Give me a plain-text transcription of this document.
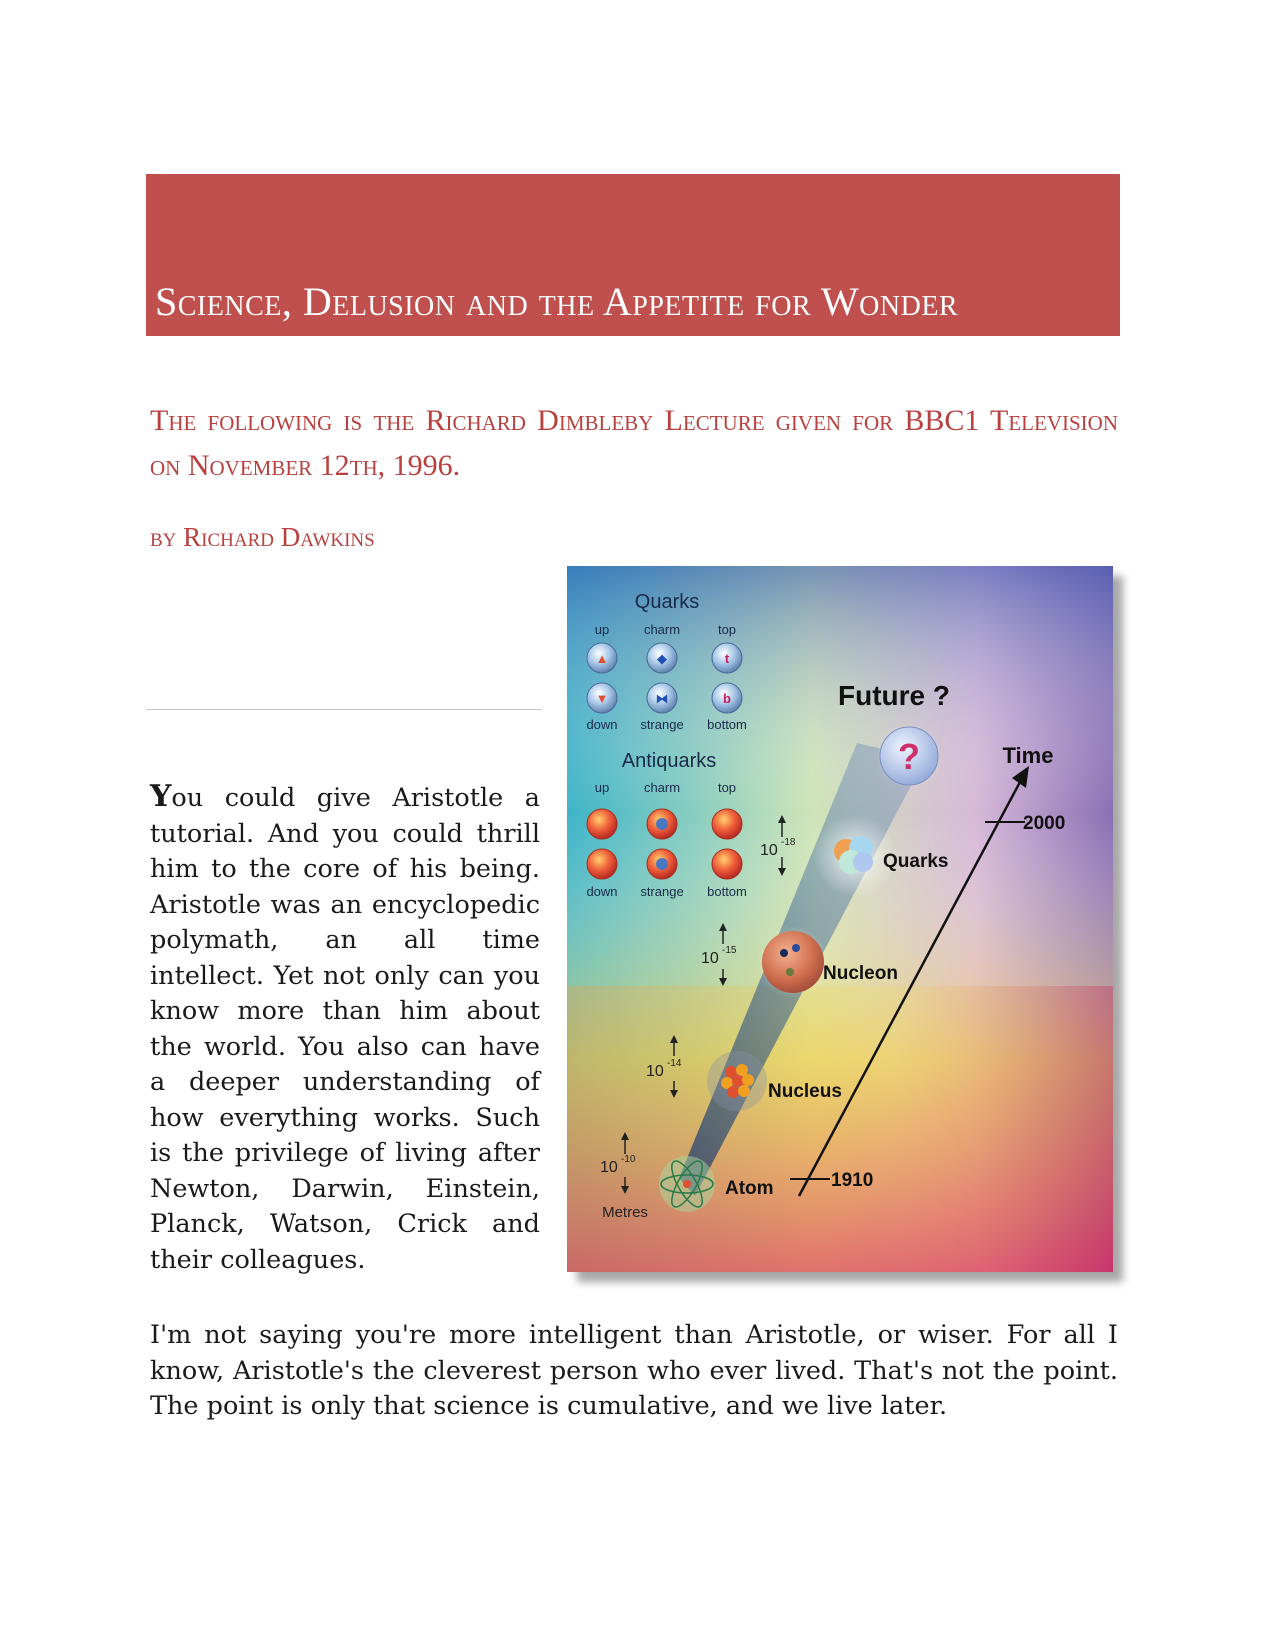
Science, Delusion and the Appetite for Wonder
The following is the Richard Dimbleby Lecture given for BBC1 Television on November 12th, 1996.
by Richard Dawkins
You could give Aristotle a tutorial. And you could thrill him to the core of his being. Aristotle was an encyclopedic polymath, an all time intellect. Yet not only can you know more than him about the world. You also can have a deeper understanding of how everything works. Such is the privilege of living after Newton, Darwin, Einstein, Planck, Watson, Crick and their colleagues.
Quarks
up	charm	top
▲	◆	t
▼	⧓	b
down strange bottom
Antiquarks
up	charm	top
down strange bottom
?
Future ?
Quarks
Nucleon
Nucleus
Atom
10 -18
10 -15
10 -14
10 -10
Metres
Time
2000
1910
I'm not saying you're more intelligent than Aristotle, or wiser. For all I know, Aristotle's the cleverest person who ever lived. That's not the point. The point is only that science is cumulative, and we live later.
